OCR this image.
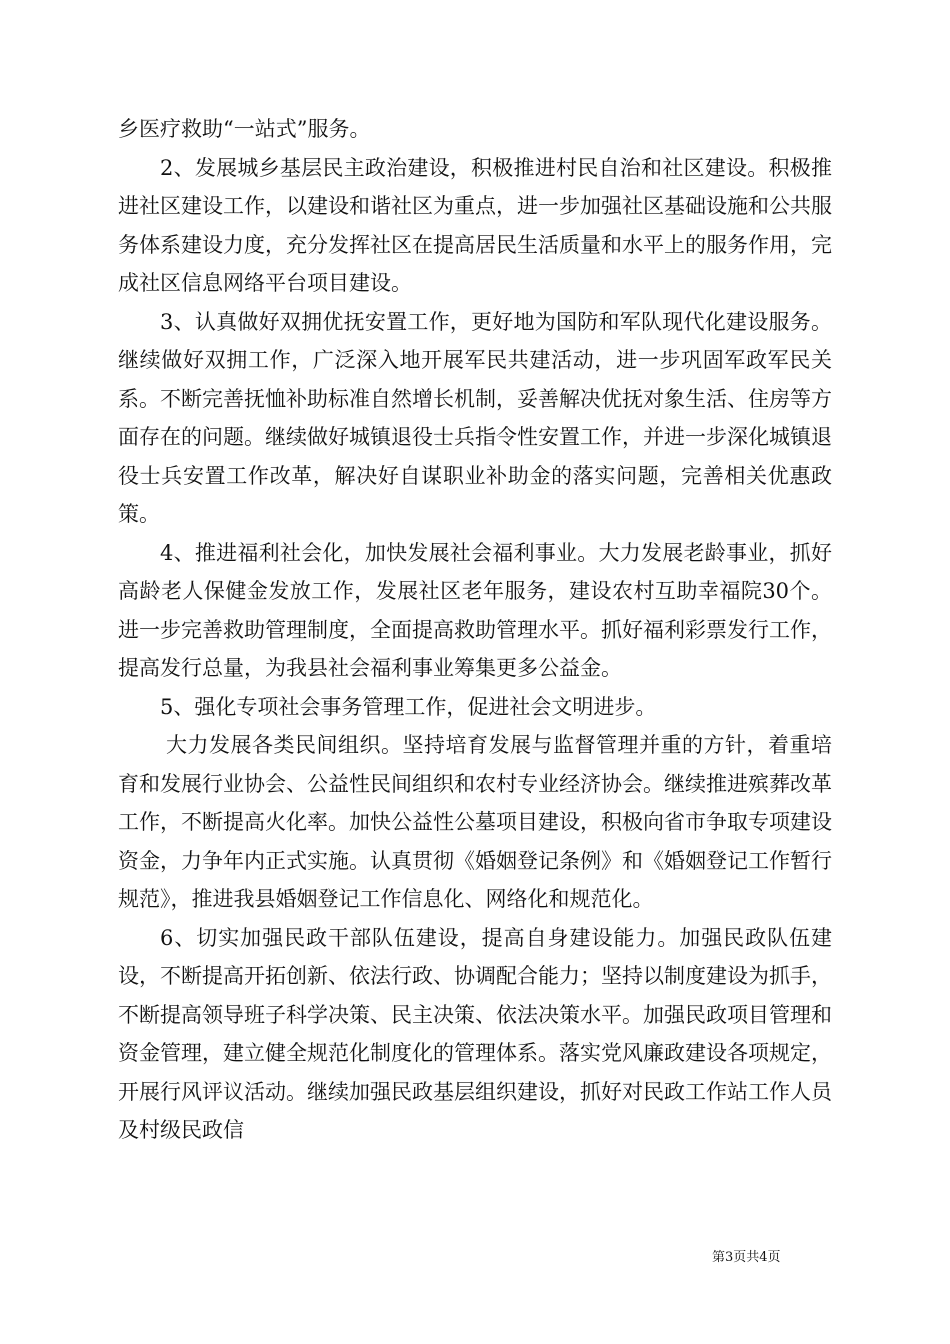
乡医疗救助“一站式”服务。

2、发展城乡基层民主政治建设，积极推进村民自治和社区建设。积极推进社区建设工作，以建设和谐社区为重点，进一步加强社区基础设施和公共服务体系建设力度，充分发挥社区在提高居民生活质量和水平上的服务作用，完成社区信息网络平台项目建设。

3、认真做好双拥优抚安置工作，更好地为国防和军队现代化建设服务。继续做好双拥工作，广泛深入地开展军民共建活动，进一步巩固军政军民关系。不断完善抚恤补助标准自然增长机制，妥善解决优抚对象生活、住房等方面存在的问题。继续做好城镇退役士兵指令性安置工作，并进一步深化城镇退役士兵安置工作改革，解决好自谋职业补助金的落实问题，完善相关优惠政策。

4、推进福利社会化，加快发展社会福利事业。大力发展老龄事业，抓好高龄老人保健金发放工作，发展社区老年服务，建设农村互助幸福院30个。进一步完善救助管理制度，全面提高救助管理水平。抓好福利彩票发行工作，提高发行总量，为我县社会福利事业筹集更多公益金。

5、强化专项社会事务管理工作，促进社会文明进步。

大力发展各类民间组织。坚持培育发展与监督管理并重的方针，着重培育和发展行业协会、公益性民间组织和农村专业经济协会。继续推进殡葬改革工作，不断提高火化率。加快公益性公墓项目建设，积极向省市争取专项建设资金，力争年内正式实施。认真贯彻《婚姻登记条例》和《婚姻登记工作暂行规范》，推进我县婚姻登记工作信息化、网络化和规范化。

6、切实加强民政干部队伍建设，提高自身建设能力。加强民政队伍建设，不断提高开拓创新、依法行政、协调配合能力；坚持以制度建设为抓手，不断提高领导班子科学决策、民主决策、依法决策水平。加强民政项目管理和资金管理，建立健全规范化制度化的管理体系。落实党风廉政建设各项规定，开展行风评议活动。继续加强民政基层组织建设，抓好对民政工作站工作人员及村级民政信

第3页共4页
